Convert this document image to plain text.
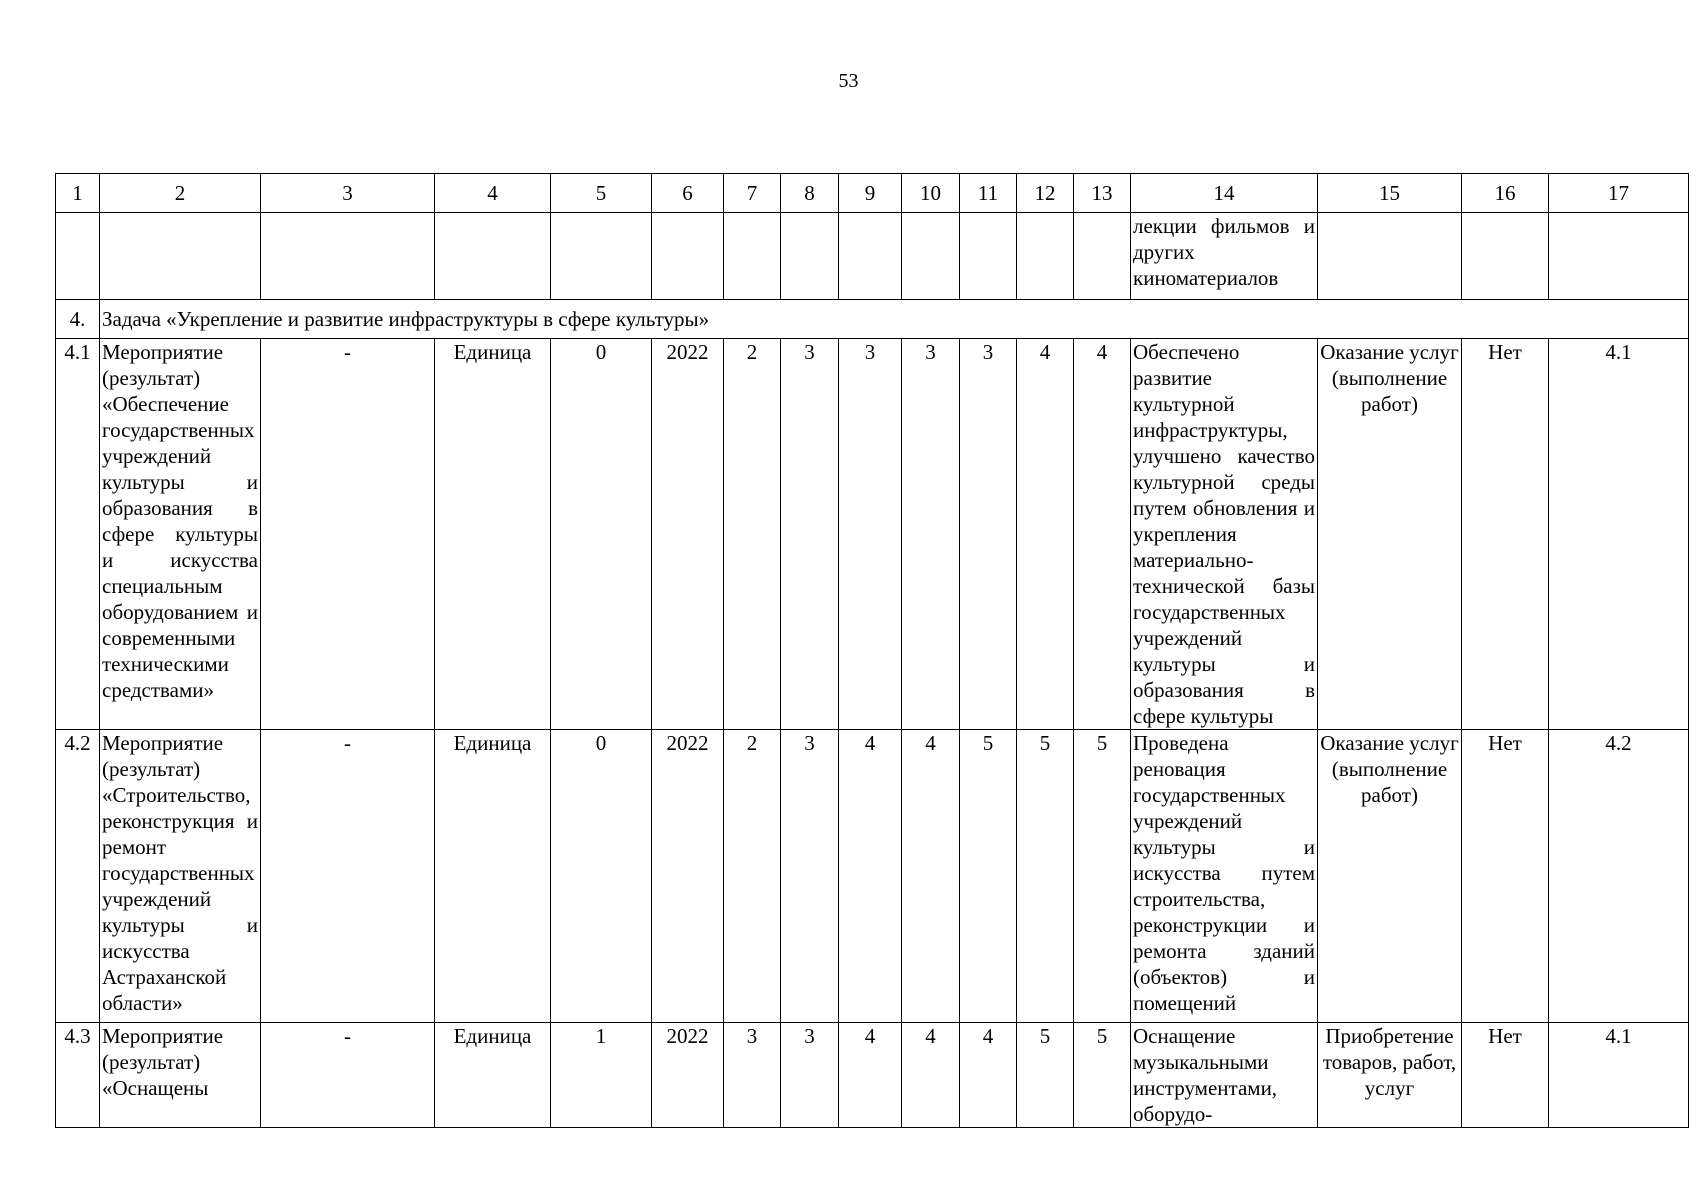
53
1	2	3	4	5	6	7	8	9	10	11	12	13	14	15	16	17
													лекции фильмов и других киноматериалов			
4.	Задача «Укрепление и развитие инфраструктуры в сфере культуры»															
4.1	Мероприятие (результат) «Обеспечение государственных учреждений культуры и образования в сфере культуры и искусства специальным оборудованием и современными техническими средствами»	-	Единица	0	2022	2	3	3	3	3	4	4	Обеспечено развитие культурной инфраструктуры, улучшено качество культурной среды путем обновления и укрепления материально-технической базы государственных учреждений культуры и образования в сфере культуры	Оказание услуг (выполнение работ)	Нет	4.1
4.2	Мероприятие (результат) «Строительство, реконструкция и ремонт государственных учреждений культуры и искусства Астраханской области»	-	Единица	0	2022	2	3	4	4	5	5	5	Проведена реновация государственных учреждений культуры и искусства путем строительства, реконструкции и ремонта зданий (объектов) и помещений	Оказание услуг (выполнение работ)	Нет	4.2
4.3	Мероприятие (результат) «Оснащены	-	Единица	1	2022	3	3	4	4	4	5	5	Оснащение музыкальными инструментами, оборудо-	Приобретение товаров, работ, услуг	Нет	4.1
